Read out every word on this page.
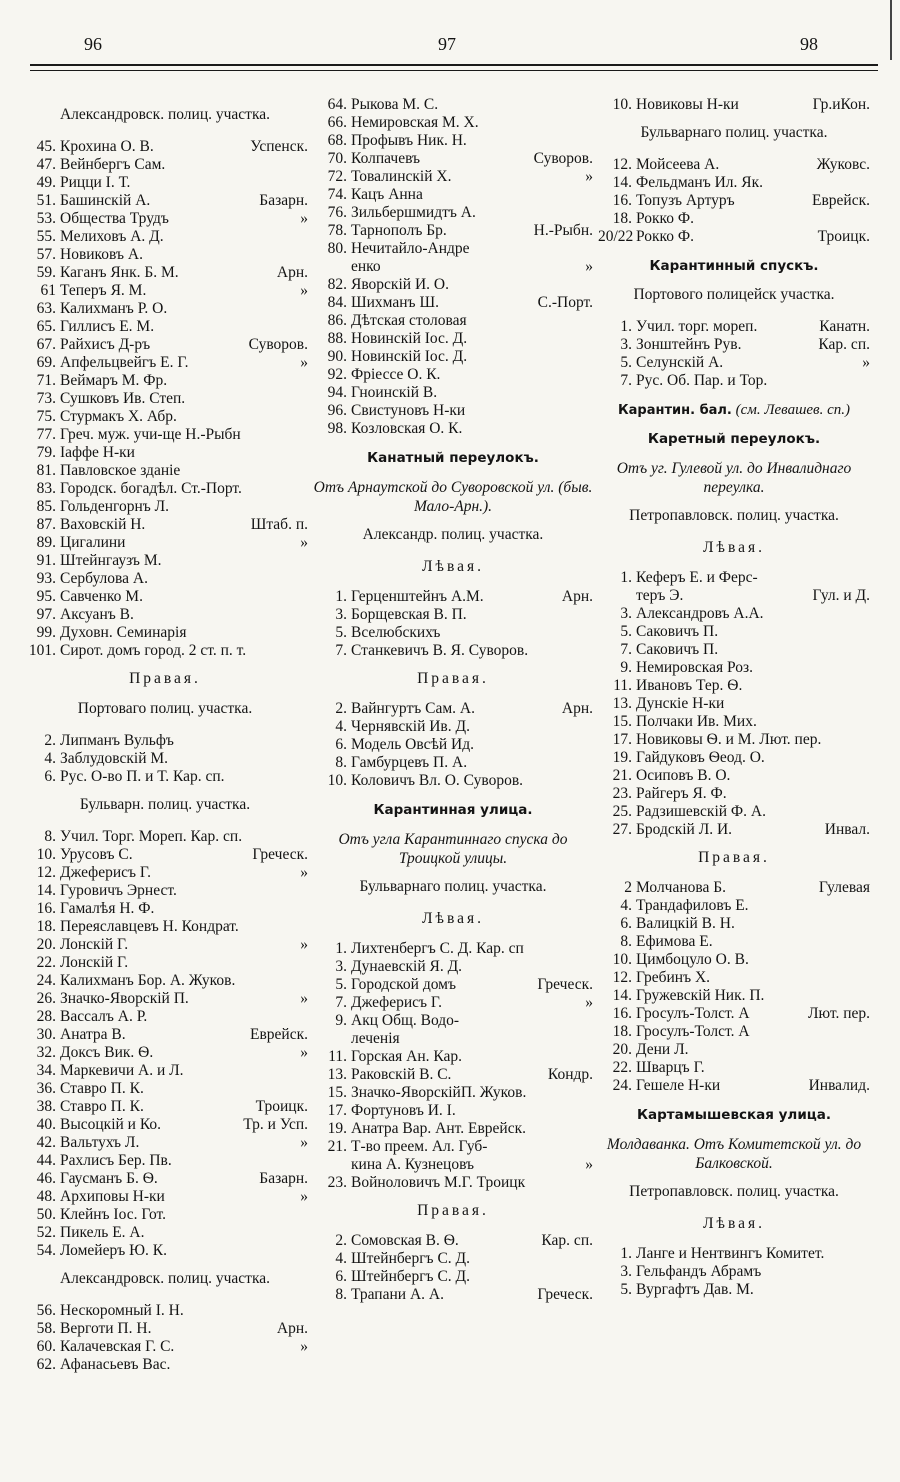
96	97	98
Александровск. полиц. участка.
45. Крохина О. В.	Успенск.
47. Вейнбергъ Сам.
49. Рицци І. Т.
51. Башинскій А.	Базарн.
53. Общества Трудъ	»
55. Мелиховъ А. Д.
57. Новиковъ А.
59. Каганъ Янк. Б. М.	Арн.
61 Теперъ Я. М.	»
63. Калихманъ Р. О.
65. Гиллисъ Е. М.
67. Райхисъ Д-ръ	Суворов.
69. Апфельцвейгъ Е. Г.	»
71. Веймаръ М. Фр.
73. Сушковъ Ив. Степ.
75. Стурмакъ Х. Абр.
77. Греч. муж. учи-ще Н.-Рыбн
79. Іаффе Н-ки
81. Павловское зданіе
83. Городск. богадѣл. Ст.-Порт.
85. Гольденгорнъ Л.
87. Ваховскій Н.	Штаб. п.
89. Цигалини	»
91. Штейнгаузъ М.
93. Сербулова А.
95. Савченко М.
97. Аксуанъ В.
99. Духовн. Семинарія
101. Сирот. домъ город. 2 ст. п. т.
Правая.
Портоваго полиц. участка.
2. Липманъ Вульфъ
4. Заблудовскій М.
6. Рус. О-во П. и Т. Кар. сп.
Бульварн. полиц. участка.
8. Учил. Торг. Мореп. Кар. сп.
10. Урусовъ С.	Греческ.
12. Джеферисъ Г.	»
14. Гуровичъ Эрнест.
16. Гамалѣя Н. Ф.
18. Переяславцевъ Н. Кондрат.
20. Лонскій Г.	»
22. Лонскій Г.
24. Калихманъ Бор. А. Жуков.
26. Значко-Яворскій П.	»
28. Вассалъ А. Р.
30. Анатра В.	Еврейск.
32. Доксъ Вик. Ѳ.	»
34. Маркевичи А. и Л.
36. Ставро П. К.
38. Ставро П. К.	Троицк.
40. Высоцкій и Ко.	Тр. и Усп.
42. Вальтухъ Л.	»
44. Рахлисъ Бер. Пв.
46. Гаусманъ Б. Ѳ.	Базарн.
48. Архиповы Н-ки	»
50. Клейнъ Іос. Гот.
52. Пикель Е. А.
54. Ломейеръ Ю. К.
Александровск. полиц. участка.
56. Нескоромный І. Н.
58. Верготи П. Н.	Арн.
60. Калачевская Г. С.	»
62. Афанасьевъ Вас.
64. Рыкова М. С.
66. Немировская М. Х.
68. Профывъ Ник. Н.
70. Колпачевъ	Суворов.
72. Товалинскій Х.	»
74. Кацъ Анна
76. Зильбершмидтъ А.
78. Тарнополъ Бр.	Н.-Рыбн.
80. Нечитайло-Андре
енко	»
82. Яворскій И. О.
84. Шихманъ Ш.	С.-Порт.
86. Дѣтская столовая
88. Новинскій Іос. Д.
90. Новинскій Іос. Д.
92. Фріессе О. К.
94. Гноинскій В.
96. Свистуновъ Н-ки
98. Козловская О. К.
Канатный переулокъ.
Отъ Арнаутской до Суворовской ул. (быв. Мало-Арн.).
Александр. полиц. участка.
Лѣвая.
1. Герценштейнъ А.М.	Арн.
3. Борщевская В. П.
5. Вселюбскихъ
7. Станкевичъ В. Я. Суворов.
Правая.
2. Вайнгуртъ Сам. А.	Арн.
4. Чернявскій Ив. Д.
6. Модель Овсѣй Ид.
8. Гамбурцевъ П. А.
10. Коловичъ Вл. О. Суворов.
Карантинная улица.
Отъ угла Карантиннаго спуска до Троицкой улицы.
Бульварнаго полиц. участка.
Лѣвая.
1. Лихтенбергъ С. Д. Кар. сп
3. Дунаевскій Я. Д.
5. Городской домъ	Греческ.
7. Джеферисъ Г.	»
9. Акц Общ. Водо-
леченія
11. Горская Ан. Кар.
13. Раковскій В. С.	Кондр.
15. Значко-ЯворскійП. Жуков.
17. Фортуновъ И. І.
19. Анатра Вар. Ант. Еврейск.
21. Т-во преем. Ал. Губ-
кина А. Кузнецовъ	»
23. Войноловичъ М.Г. Троицк
Правая.
2. Сомовская В. Ѳ.	Кар. сп.
4. Штейнбергъ С. Д.
6. Штейнбергъ С. Д.
8. Трапани А. А.	Греческ.
10. Новиковы Н-ки	Гр.иКон.
Бульварнаго полиц. участка.
12. Мойсеева А.	Жуковс.
14. Фельдманъ Ил. Як.
16. Топузъ Артуръ	Еврейск.
18. Рокко Ф.
20/22 Рокко Ф.	Троицк.
Карантинный спускъ.
Портового полицейск участка.
1. Учил. торг. мореп.	Канатн.
3. Зонштейнъ Рув.	Кар. сп.
5. Селунскій А.	»
7. Рус. Об. Пар. и Тор.
Карантин. бал. (см. Левашев. сп.)
Каретный переулокъ.
Отъ уг. Гулевой ул. до Инвалиднаго переулка.
Петропавловск. полиц. участка.
Лѣвая.
1. Кеферъ Е. и Ферс-
теръ Э.	Гул. и Д.
3. Александровъ А.А.
5. Саковичъ П.
7. Саковичъ П.
9. Немировская Роз.
11. Ивановъ Тер. Ѳ.
13. Дунскіе Н-ки
15. Полчаки Ив. Мих.
17. Новиковы Ѳ. и М. Лют. пер.
19. Гайдуковъ Ѳеод. О.
21. Осиповъ В. О.
23. Райгеръ Я. Ф.
25. Радзишевскій Ф. А.
27. Бродскій Л. И.	Инвал.
Правая.
2 Молчанова Б.	Гулевая
4. Трандафиловъ Е.
6. Валицкій В. Н.
8. Ефимова Е.
10. Цимбоцуло О. В.
12. Гребинъ Х.
14. Гружевскій Ник. П.
16. Гросулъ-Толст. А	Лют. пер.
18. Гросулъ-Толст. А
20. Дени Л.
22. Шварцъ Г.
24. Гешеле Н-ки	Инвалид.
Картамышевская улица.
Молдаванка. Отъ Комитетской ул. до Балковской.
Петропавловск. полиц. участка.
Лѣвая.
1. Ланге и Нентвингъ Комитет.
3. Гельфандъ Абрамъ
5. Вургафтъ Дав. М.
